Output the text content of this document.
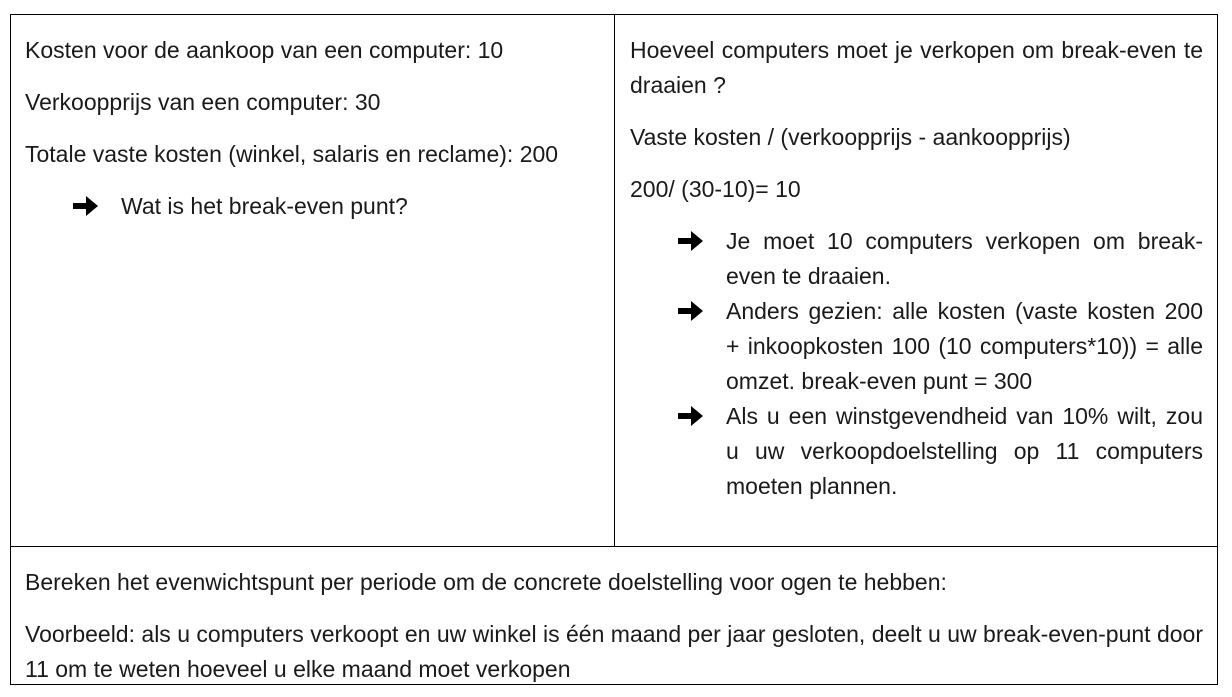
Kosten voor de aankoop van een computer: 10

Verkoopprijs van een computer: 30

Totale vaste kosten (winkel, salaris en reclame): 200

Wat is het break-even punt?

Hoeveel computers moet je verkopen om break-even te draaien ?

Vaste kosten / (verkoopprijs - aankoopprijs)

200/ (30-10)= 10

Je moet 10 computers verkopen om break-even te draaien.
Anders gezien: alle kosten (vaste kosten 200 + inkoopkosten 100 (10 computers*10)) = alle omzet. break-even punt = 300
Als u een winstgevendheid van 10% wilt, zou u uw verkoopdoelstelling op 11 computers moeten plannen.

Bereken het evenwichtspunt per periode om de concrete doelstelling voor ogen te hebben:

Voorbeeld: als u computers verkoopt en uw winkel is één maand per jaar gesloten, deelt u uw break-even-punt door 11 om te weten hoeveel u elke maand moet verkopen
